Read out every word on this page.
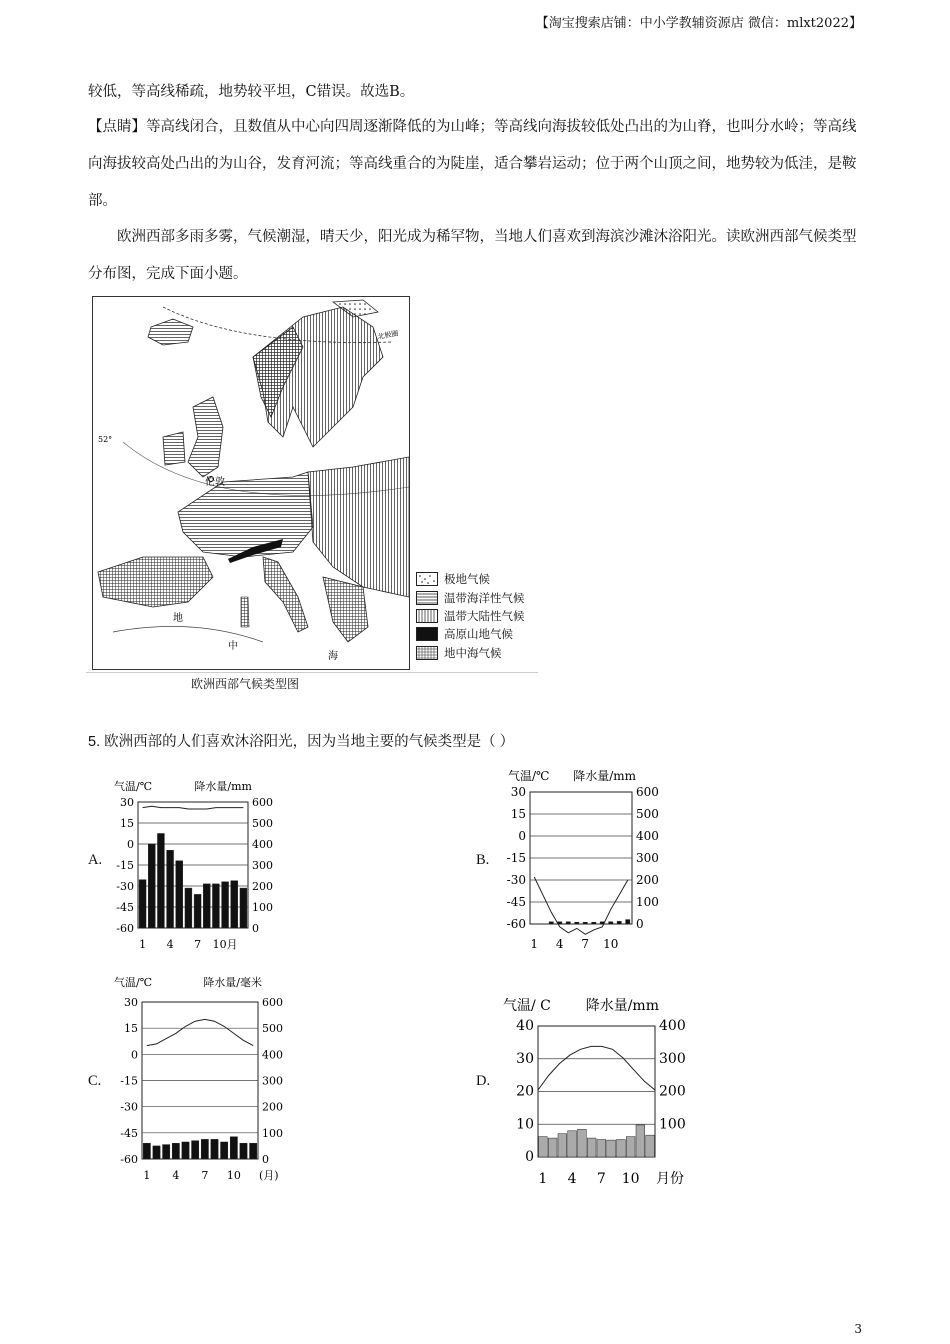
【淘宝搜索店铺：中小学教辅资源店 微信：mlxt2022】

较低，等高线稀疏，地势较平坦，C错误。故选B。

【点睛】等高线闭合，且数值从中心向四周逐渐降低的为山峰；等高线向海拔较低处凸出的为山脊，也叫分水岭；等高线向海拔较高处凸出的为山谷，发育河流；等高线重合的为陡崖，适合攀岩运动；位于两个山顶之间，地势较为低洼，是鞍部。

欧洲西部多雨多雾，气候潮湿，晴天少，阳光成为稀罕物，当地人们喜欢到海滨沙滩沐浴阳光。读欧洲西部气候类型分布图，完成下面小题。

伦敦
北极圈
52°
地
中
海
极地气候
温带海洋性气候
温带大陆性气候
高原山地气候
地中海气候
欧洲西部气候类型图
5. 欧洲西部的人们喜欢沐浴阳光，因为当地主要的气候类型是（ ）
A.	B.
C.	D.
气温/℃	降水量/mm
30
15
0
-15
-30
-45
-60
600
500
400
300
200
100
0
1 4 7 10月
气温/℃ 降水量/mm
30
15
0
-15
-30
-45
-60
600
500
400
300
200
100
0
1 4 7 10
气温/℃	降水量/毫米
30
15
0
-15
-30
-45
-60
600
500
400
300
200
100
0
1 4 7 10 (月)
气温/ C 降水量/mm
40
30
20
10
0
400
300
200
100
1 4 7 10 月份
3
